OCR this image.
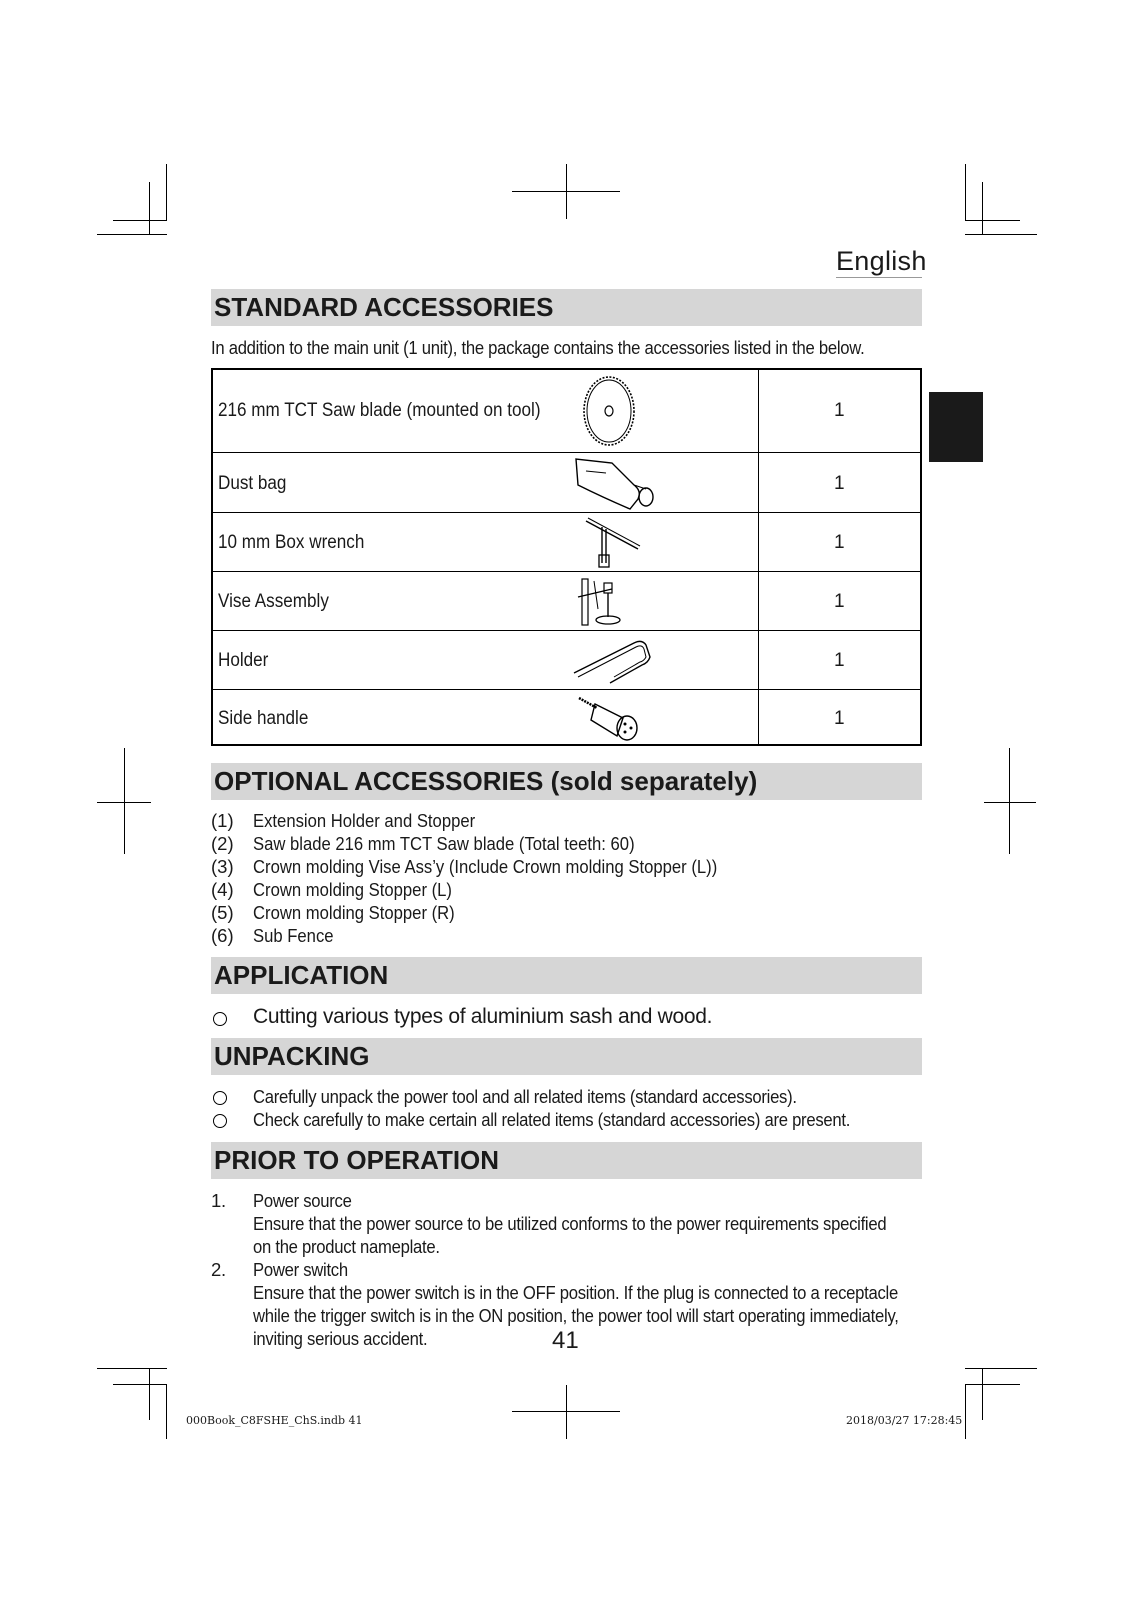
English
STANDARD ACCESSORIES
In addition to the main unit (1 unit), the package contains the accessories listed in the below.
216 mm TCT Saw blade (mounted on tool)	1
Dust bag	1
10 mm Box wrench	1
Vise Assembly	1
Holder	1
Side handle	1
OPTIONAL ACCESSORIES (sold separately)
(1) Extension Holder and Stopper
(2) Saw blade 216 mm TCT Saw blade (Total teeth: 60)
(3) Crown molding Vise Ass’y (Include Crown molding Stopper (L))
(4) Crown molding Stopper (L)
(5) Crown molding Stopper (R)
(6) Sub Fence
APPLICATION
Cutting various types of aluminium sash and wood.
UNPACKING
Carefully unpack the power tool and all related items (standard accessories).
Check carefully to make certain all related items (standard accessories) are present.
PRIOR TO OPERATION
1. Power source
Ensure that the power source to be utilized conforms to the power requirements specified
on the product nameplate.
2. Power switch
Ensure that the power switch is in the OFF position. If the plug is connected to a receptacle
while the trigger switch is in the ON position, the power tool will start operating immediately,
inviting serious accident.	41
000Book_C8FSHE_ChS.indb 41	2018/03/27 17:28:45
